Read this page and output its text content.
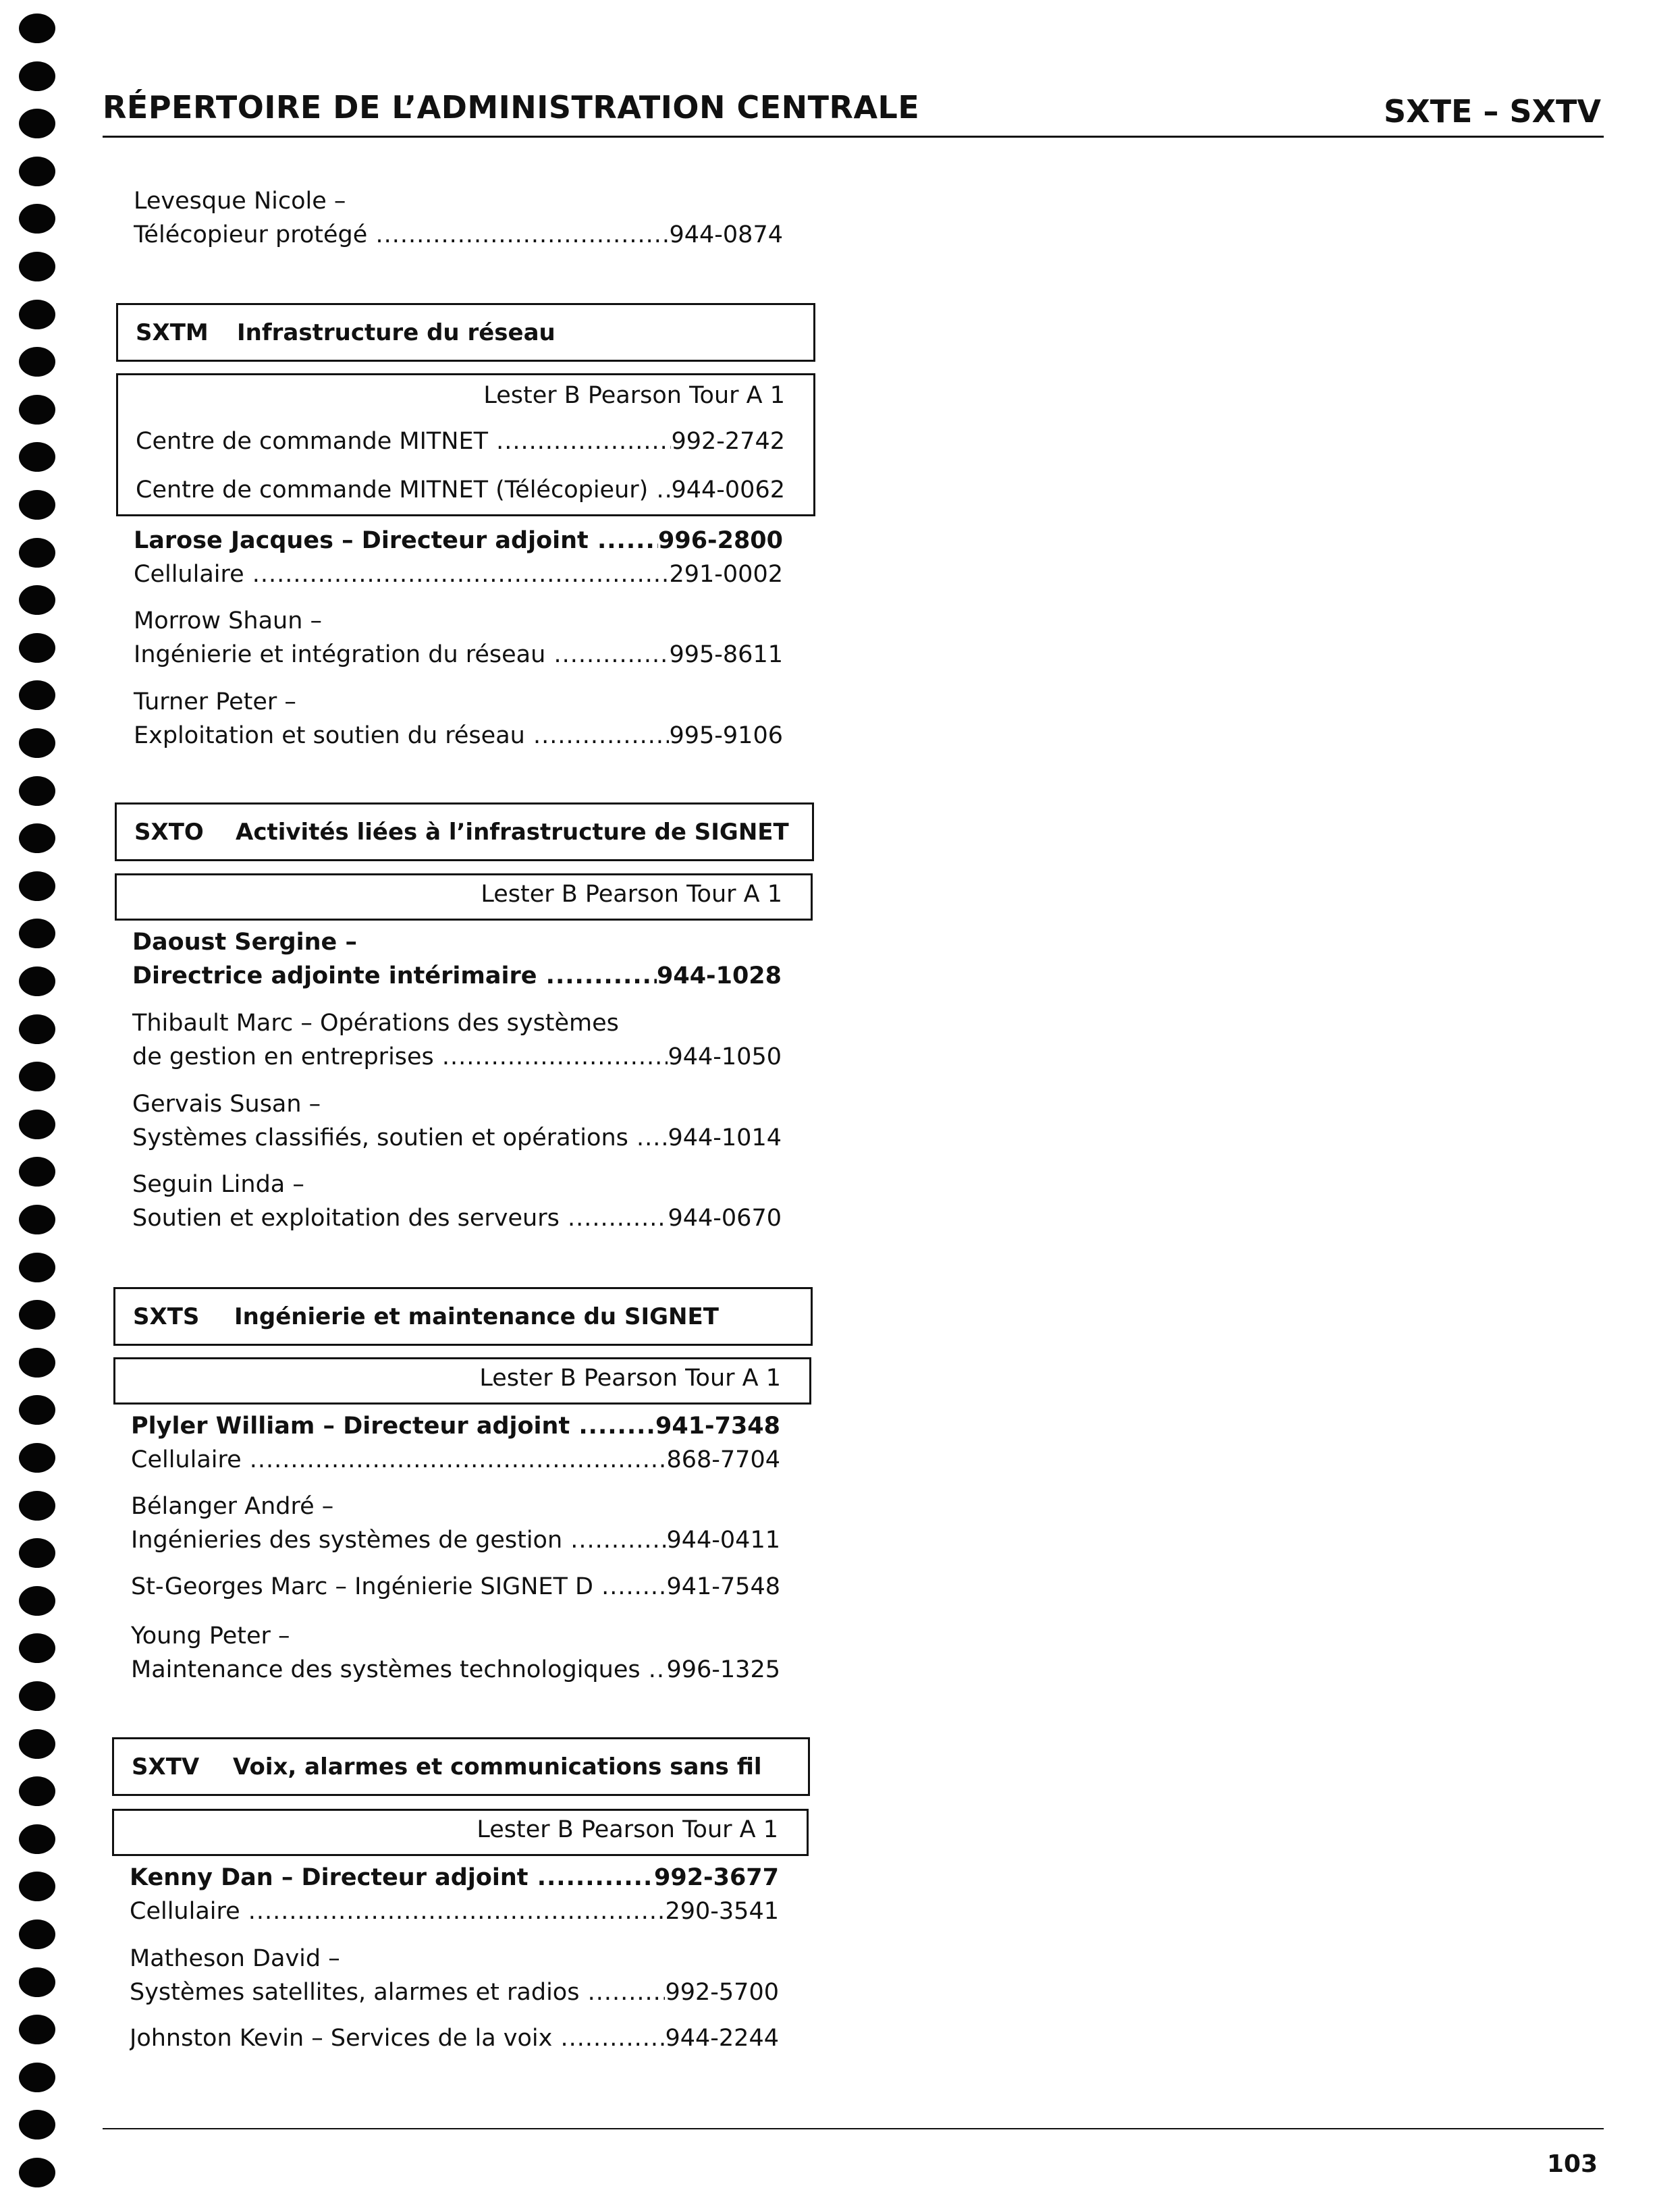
RÉPERTOIRE DE L’ADMINISTRATION CENTRALE	SXTE – SXTV
Levesque Nicole –
Télécopieur protégé .....	944-0874
SXTM	Infrastructure du réseau
Lester B Pearson Tour A 1
Centre de commande MITNET .....	992-2742
Centre de commande MITNET (Télécopieur) ..... 944-0062
Larose Jacques – Directeur adjoint .....	996-2800
Cellulaire .....	291-0002
Morrow Shaun –
Ingénierie et intégration du réseau .....	995-8611
Turner Peter –
Exploitation et soutien du réseau .....	995-9106
SXTO	Activités liées à l’infrastructure de SIGNET
Lester B Pearson Tour A 1
Daoust Sergine –
Directrice adjointe intérimaire .....	944-1028
Thibault Marc – Opérations des systèmes
de gestion en entreprises .....	944-1050
Gervais Susan –
Systèmes classifiés, soutien et opérations .....	944-1014
Seguin Linda –
Soutien et exploitation des serveurs .....	944-0670
SXTS	Ingénierie et maintenance du SIGNET
Lester B Pearson Tour A 1
Plyler William – Directeur adjoint .....	941-7348
Cellulaire .....	868-7704
Bélanger André –
Ingénieries des systèmes de gestion .....	944-0411
St-Georges Marc – Ingénierie SIGNET D .....	941-7548
Young Peter –
Maintenance des systèmes technologiques .....	996-1325
SXTV	Voix, alarmes et communications sans fil
Lester B Pearson Tour A 1
Kenny Dan – Directeur adjoint .....	992-3677
Cellulaire .....	290-3541
Matheson David –
Systèmes satellites, alarmes et radios .....	992-5700
Johnston Kevin – Services de la voix .....	944-2244
103
